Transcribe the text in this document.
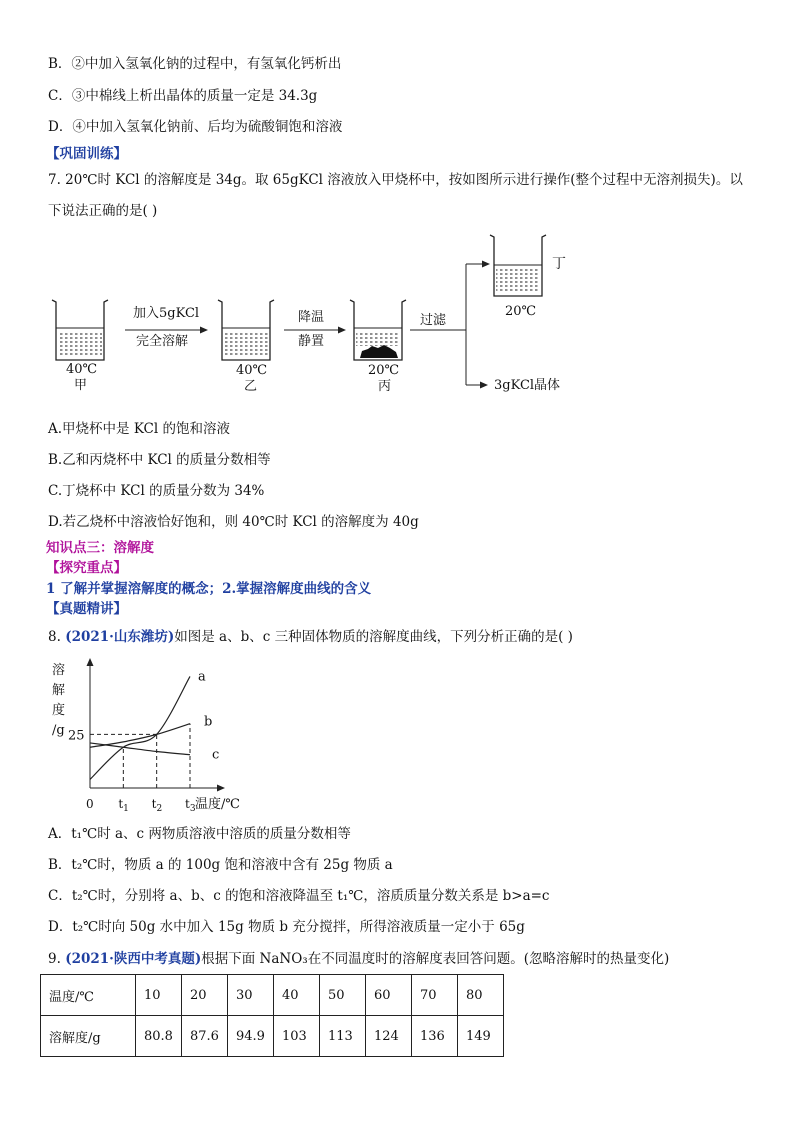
B．②中加入氢氧化钠的过程中，有氢氧化钙析出
C．③中棉线上析出晶体的质量一定是 34.3g
D．④中加入氢氧化钠前、后均为硫酸铜饱和溶液
【巩固训练】
7. 20℃时 KCl 的溶解度是 34g。取 65gKCl 溶液放入甲烧杯中，按如图所示进行操作(整个过程中无溶剂损失)。以
下说法正确的是( )
加入5gKCl
完全溶解
降温
静置
过滤
40℃
甲
40℃
乙
20℃
丙
20℃
丁
3gKCl晶体
A.甲烧杯中是 KCl 的饱和溶液
B.乙和丙烧杯中 KCl 的质量分数相等
C.丁烧杯中 KCl 的质量分数为 34%
D.若乙烧杯中溶液恰好饱和，则 40℃时 KCl 的溶解度为 40g
知识点三：溶解度
【探究重点】
1 了解并掌握溶解度的概念；2.掌握溶解度曲线的含义
【真题精讲】
8. (2021·山东潍坊)如图是 a、b、c 三种固体物质的溶解度曲线，下列分析正确的是( )
溶
解
度
/g 25
0 $t_1$ $t_2$ $t_3$
a
b
c
温度/℃
A．t₁℃时 a、c 两物质溶液中溶质的质量分数相等
B．t₂℃时，物质 a 的 100g 饱和溶液中含有 25g 物质 a
C．t₂℃时，分别将 a、b、c 的饱和溶液降温至 t₁℃，溶质质量分数关系是 b>a=c
D．t₂℃时向 50g 水中加入 15g 物质 b 充分搅拌，所得溶液质量一定小于 65g
9. (2021·陕西中考真题)根据下面 NaNO₃在不同温度时的溶解度表回答问题。(忽略溶解时的热量变化)
温度/℃	10	20	30	40	50	60	70	80
溶解度/g	80.8	87.6	94.9	103	113	124	136	149
